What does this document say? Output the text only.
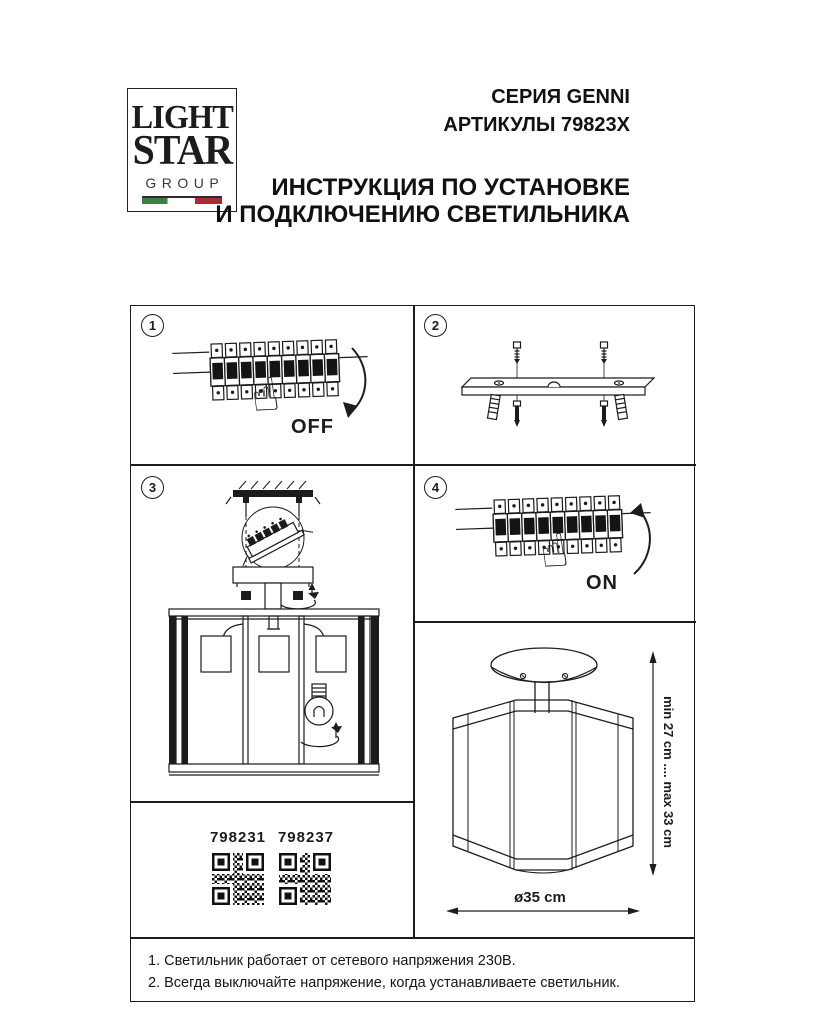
LIGHT
STAR
GROUP
СЕРИЯ GENNI
АРТИКУЛЫ 79823X
ИНСТРУКЦИЯ ПО УСТАНОВКЕ
И ПОДКЛЮЧЕНИЮ СВЕТИЛЬНИКА
1
☝
OFF
2
3	4
☝
ON
798231 798237	min 27 cm .... max 33 cm
ø35 cm
1. Светильник работает от сетевого напряжения 230В.
2. Всегда выключайте напряжение, когда устанавливаете светильник.
